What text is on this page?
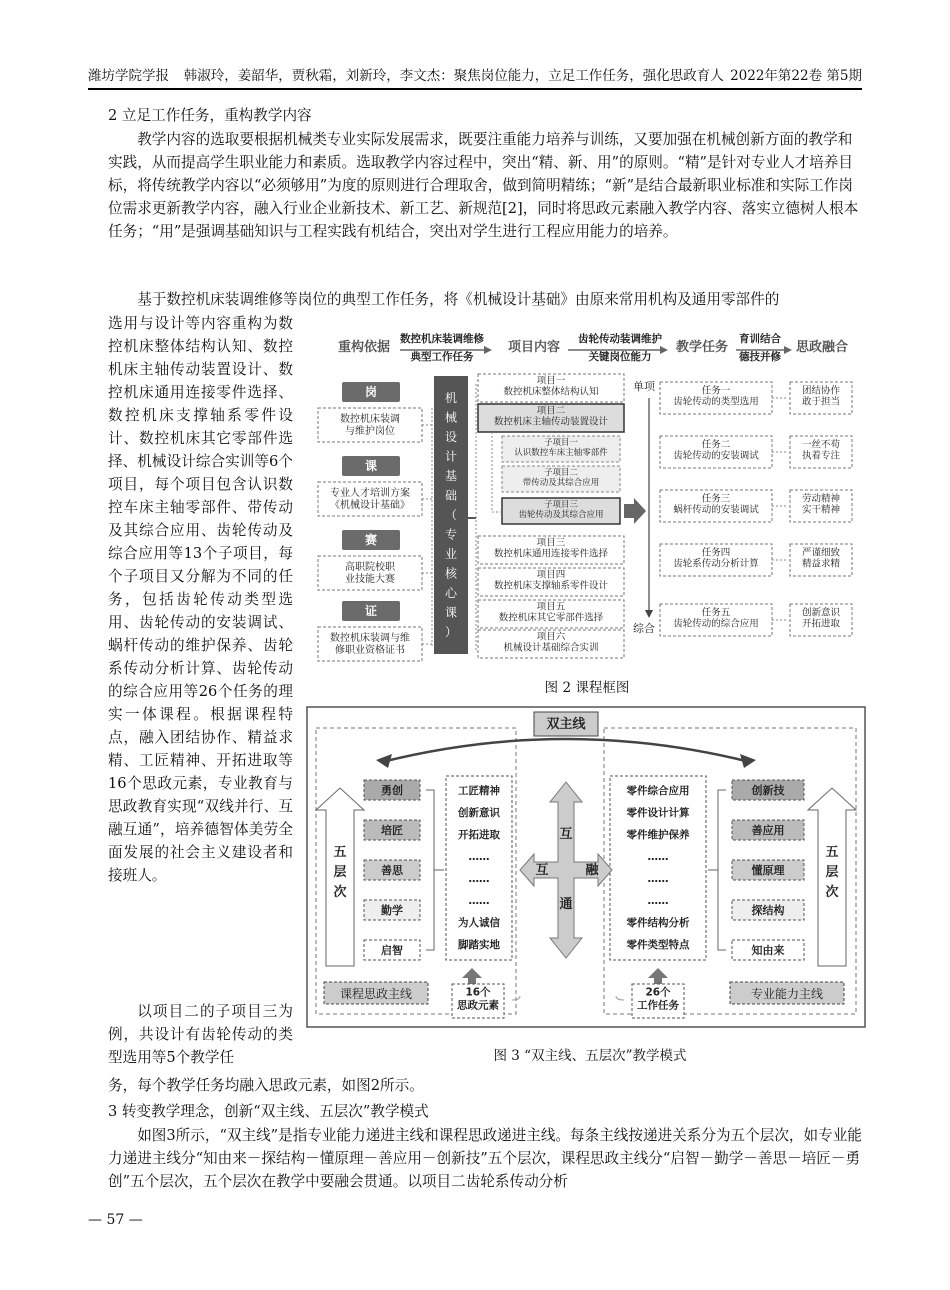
潍坊学院学报 韩淑玲，姜韶华，贾秋霜，刘新玲，李文杰：聚焦岗位能力，立足工作任务，强化思政育人 2022年第22卷 第5期
2 立足工作任务，重构教学内容
教学内容的选取要根据机械类专业实际发展需求，既要注重能力培养与训练，又要加强在机械创新方面的教学和实践，从而提高学生职业能力和素质。选取教学内容过程中，突出“精、新、用”的原则。“精”是针对专业人才培养目标，将传统教学内容以“必须够用”为度的原则进行合理取舍，做到简明精练；“新”是结合最新职业标准和实际工作岗位需求更新教学内容，融入行业企业新技术、新工艺、新规范[2]，同时将思政元素融入教学内容、落实立德树人根本任务；“用”是强调基础知识与工程实践有机结合，突出对学生进行工程应用能力的培养。
基于数控机床装调维修等岗位的典型工作任务，将《机械设计基础》由原来常用机构及通用零部件的
选用与设计等内容重构为数控机床整体结构认知、数控机床主轴传动装置设计、数控机床通用连接零件选择、数控机床支撑轴系零件设计、数控机床其它零部件选择、机械设计综合实训等6个项目，每个项目包含认识数控车床主轴零部件、带传动及其综合应用、齿轮传动及综合应用等13个子项目，每个子项目又分解为不同的任务，包括齿轮传动类型选用、齿轮传动的安装调试、蜗杆传动的维护保养、齿轮系传动分析计算、齿轮传动的综合应用等26个任务的理实一体课程。根据课程特点，融入团结协作、精益求精、工匠精神、开拓进取等16个思政元素，专业教育与思政教育实现“双线并行、互融互通”，培养德智体美劳全面发展的社会主义建设者和接班人。
以项目二的子项目三为例，共设计有齿轮传动的类型选用等5个教学任
务，每个教学任务均融入思政元素，如图2所示。
3 转变教学理念，创新“双主线、五层次”教学模式
如图3所示，“双主线”是指专业能力递进主线和课程思政递进主线。每条主线按递进关系分为五个层次，如专业能力递进主线分“知由来－探结构－懂原理－善应用－创新技”五个层次，课程思政主线分“启智－勤学－善思－培匠－勇创”五个层次，五个层次在教学中要融会贯通。以项目二齿轮系传动分析
重构依据
数控机床装调维修
典型工作任务
项目内容
齿轮传动装调维护
关键岗位能力
教学任务
育训结合
德技并修
思政融合
岗
数控机床装调与维护岗位
课
专业人才培训方案《机械设计基础》
赛
高职院校职业技能大赛
证
数控机床装调与维修职业资格证书
机
械
设
计
基
础
（
专
业
核
心
课
）
项目一数控机床整体结构认知
项目二数控机床主轴传动装置设计
项目三数控机床通用连接零件选择
项目四数控机床支撑轴系零件设计
项目五数控机床其它零部件选择
项目六机械设计基础综合实训
子项目一认识数控车床主轴零部件
子项目二带传动及其综合应用
子项目三齿轮传动及其综合应用
单项
综合
任务一齿轮传动的类型选用
团结协作敢于担当
任务二齿轮传动的安装调试
一丝不苟执着专注
任务三蜗杆传动的安装调试
劳动精神实干精神
任务四齿轮系传动分析计算
严谨细致精益求精
任务五齿轮传动的综合应用
创新意识开拓进取
图 2 课程框图
双主线
五
层
次
五
层
次
勇创
培匠
善思
勤学
启智
工匠精神
创新意识
开拓进取
……
……
……
为人诚信
脚踏实地
创新技
善应用
懂原理
探结构
知由来
零件综合应用
零件设计计算
零件维护保养
……
……
……
零件结构分析
零件类型特点
互
通
互	融
课程思政主线	专业能力主线
16个思政元素
26个工作任务
图 3 “双主线、五层次”教学模式
— 57 —
